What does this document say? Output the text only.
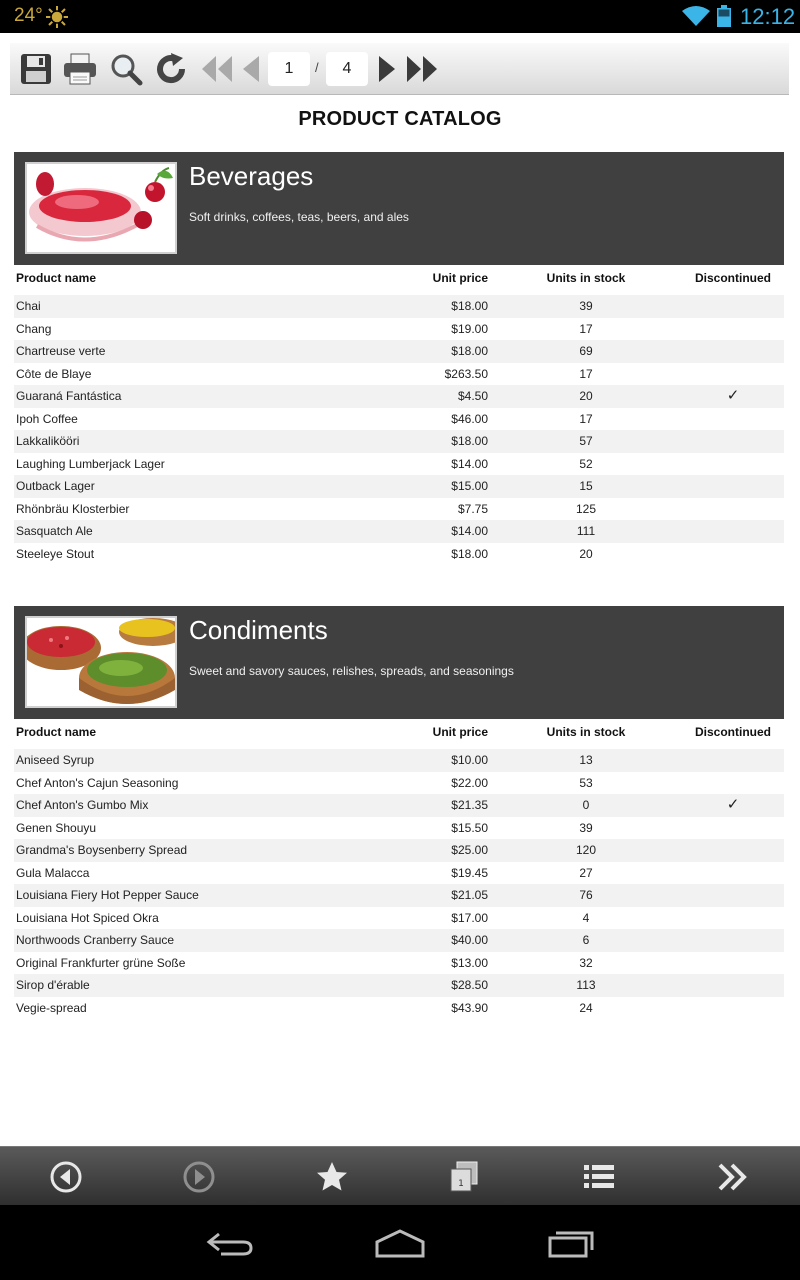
24°	12:12
1	/	4
PRODUCT CATALOG
Beverages
Soft drinks, coffees, teas, beers, and ales
Product name	Unit price	Units in stock	Discontinued
Chai	$18.00	39
Chang	$19.00	17
Chartreuse verte	$18.00	69
Côte de Blaye	$263.50	17
Guaraná Fantástica	$4.50	20	✓
Ipoh Coffee	$46.00	17
Lakkalikööri	$18.00	57
Laughing Lumberjack Lager	$14.00	52
Outback Lager	$15.00	15
Rhönbräu Klosterbier	$7.75	125
Sasquatch Ale	$14.00	111
Steeleye Stout	$18.00	20
Condiments
Sweet and savory sauces, relishes, spreads, and seasonings
Product name	Unit price	Units in stock	Discontinued
Aniseed Syrup	$10.00	13
Chef Anton's Cajun Seasoning	$22.00	53
Chef Anton's Gumbo Mix	$21.35	0	✓
Genen Shouyu	$15.50	39
Grandma's Boysenberry Spread	$25.00	120
Gula Malacca	$19.45	27
Louisiana Fiery Hot Pepper Sauce	$21.05	76
Louisiana Hot Spiced Okra	$17.00	4
Northwoods Cranberry Sauce	$40.00	6
Original Frankfurter grüne Soße	$13.00	32
Sirop d'érable	$28.50	113
Vegie-spread	$43.90	24
1
